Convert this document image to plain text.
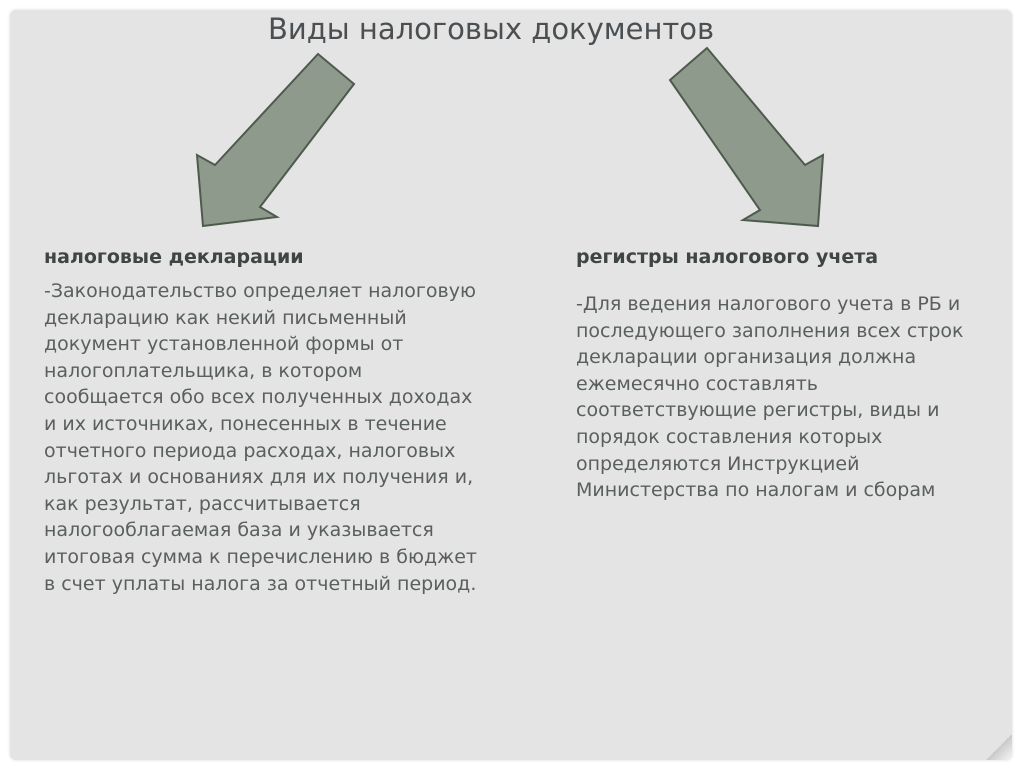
Виды налоговых документов
налоговые декларации

-Законодательство определяет налоговую декларацию как некий письменный документ установленной формы от налогоплательщика, в котором сообщается обо всех полученных доходах и их источниках, понесенных в течение отчетного периода расходах, налоговых льготах и основаниях для их получения и, как результат, рассчитывается налогооблагаемая база и указывается итоговая сумма к перечислению в бюджет в счет уплаты налога за отчетный период.

регистры налогового учета

-Для ведения налогового учета в РБ и последующего заполнения всех строк декларации организация должна ежемесячно составлять соответствующие регистры, виды и порядок составления которых определяются Инструкцией Министерства по налогам и сборам
